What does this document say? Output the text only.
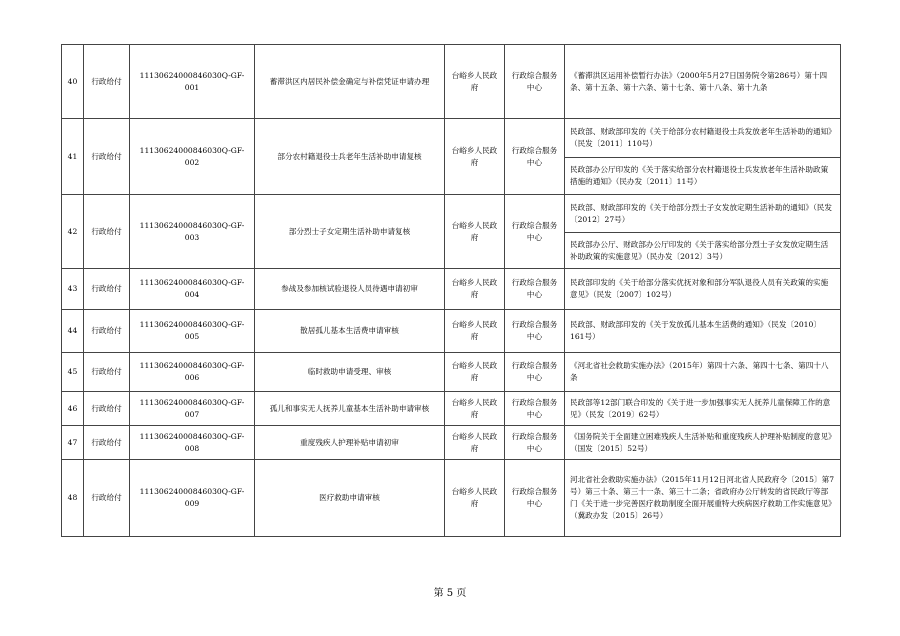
40	行政给付	11130624000846030Q-GF-001	蓄滞洪区内居民补偿金确定与补偿凭证申请办理	台峪乡人民政府	行政综合服务中心	《蓄滞洪区运用补偿暂行办法》（2000年5月27日国务院令第286号）第十四条、第十五条、第十六条、第十七条、第十八条、第十九条
41	行政给付	11130624000846030Q-GF-002	部分农村籍退役士兵老年生活补助申请复核	台峪乡人民政府	行政综合服务中心	民政部、财政部印发的《关于给部分农村籍退役士兵发放老年生活补助的通知》（民发〔2011〕110号）
						民政部办公厅印发的《关于落实给部分农村籍退役士兵发放老年生活补助政策措施的通知》（民办发〔2011〕11号）
42	行政给付	11130624000846030Q-GF-003	部分烈士子女定期生活补助申请复核	台峪乡人民政府	行政综合服务中心	民政部、财政部印发的《关于给部分烈士子女发放定期生活补助的通知》（民发〔2012〕27号）
						民政部办公厅、财政部办公厅印发的《关于落实给部分烈士子女发放定期生活补助政策的实施意见》（民办发〔2012〕3号）
43	行政给付	11130624000846030Q-GF-004	参战及参加核试验退役人员待遇申请初审	台峪乡人民政府	行政综合服务中心	民政部印发的《关于给部分落实优抚对象和部分军队退役人员有关政策的实施意见》（民发〔2007〕102号）
44	行政给付	11130624000846030Q-GF-005	散居孤儿基本生活费申请审核	台峪乡人民政府	行政综合服务中心	民政部、财政部印发的《关于发放孤儿基本生活费的通知》（民发〔2010〕161号）
45	行政给付	11130624000846030Q-GF-006	临时救助申请受理、审核	台峪乡人民政府	行政综合服务中心	《河北省社会救助实施办法》（2015年）第四十六条、第四十七条、第四十八条
46	行政给付	11130624000846030Q-GF-007	孤儿和事实无人抚养儿童基本生活补助申请审核	台峪乡人民政府	行政综合服务中心	民政部等12部门联合印发的《关于进一步加强事实无人抚养儿童保障工作的意见》（民发〔2019〕62号）
47	行政给付	11130624000846030Q-GF-008	重度残疾人护理补贴申请初审	台峪乡人民政府	行政综合服务中心	《国务院关于全面建立困难残疾人生活补贴和重度残疾人护理补贴制度的意见》（国发〔2015〕52号）
48	行政给付	11130624000846030Q-GF-009	医疗救助申请审核	台峪乡人民政府	行政综合服务中心	河北省社会救助实施办法》（2015年11月12日河北省人民政府令〔2015〕第7号）第三十条、第三十一条、第三十二条；省政府办公厅转发的省民政厅等部门《关于进一步完善医疗救助制度全面开展重特大疾病医疗救助工作实施意见》（冀政办发〔2015〕26号）
第 5 页
